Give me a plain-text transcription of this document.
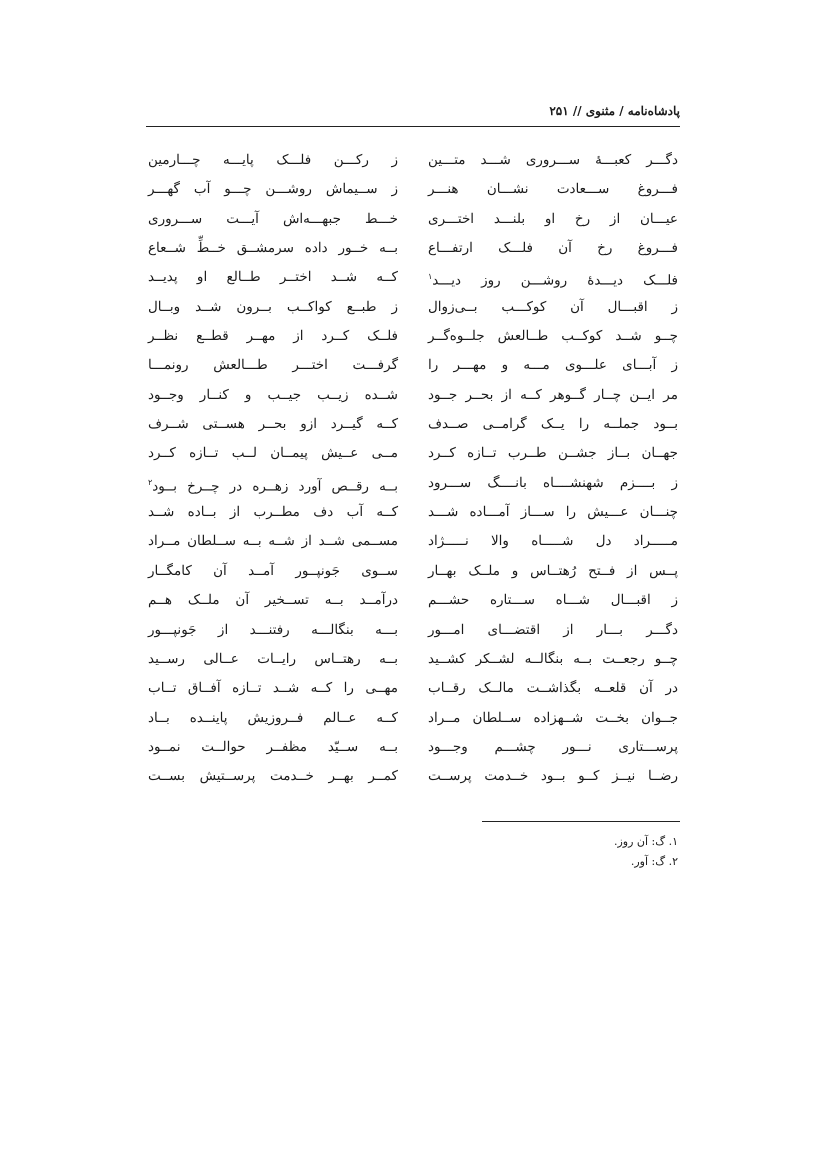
پادشاه‌نامه / مثنوی // ۲۵۱
دگـــر کعبـــۀ ســـروری شـــد متـــین
فـــروغ ســـعادت نشـــان هنـــر
عیـــان از رخ او بلنـــد اختـــری
فـــروغ رخ آن فلـــک ارتفـــاع
فلـــک دیـــدۀ روشـــن روز دیـــد$^۱$
ز اقبـــال آن کوکـــب بــی‌زوال
چــو شــد کوکــب طــالعش جلــوه‌گــر
ز آبـــای علـــوی مـــه و مهـــر را
مر ایــن چــار گــوهر کــه از بحــر جــود
بــود جملــه را یــک گرامــی صــدف
جهــان بــاز جشــن طــرب تــازه کــرد
ز بــــزم شهنشــــاه بانــــگ ســـرود
چنـــان عـــیش را ســـاز آمـــاده شـــد
مـــــراد دل شـــــاه والا نـــــژاد
پــس از فــتح رُهتــاس و ملــک بهــار
ز اقبـــال شـــاه ســـتاره حشـــم
دگـــر بـــار از اقتضـــای امـــور
چــو رجعــت بــه بنگالــه لشــکر کشــید
در آن قلعــه بگذاشــت مالــک رقــاب
جــوان بخــت شــهزاده ســلطان مــراد
پرســـتاری نـــور چشـــم وجـــود
رضــا نیــز کــو بــود خــدمت پرســت
ز رکـــن فلـــک پایـــه چـــارمین
ز ســیماش روشـــن چـــو آب گهـــر
خـــط جبهـــه‌اش آیـــت ســـروری
بــه خــور داده سرمشــق خــطِّ شــعاع
کــه شــد اختــر طــالع او پدیــد
ز طبــع کواکــب بــرون شــد وبــال
فلــک کــرد از مهــر قطــع نظــر
گرفـــت اختـــر طـــالعش رونمـــا
شــده زیــب جیــب و کنــار وجــود
کــه گیــرد ازو بحــر هســتی شــرف
مــی عــیش پیمــان لــب تــازه کــرد
بــه رقــص آورد زهــره در چــرخ بــود$^۲$
کــه آب دف مطــرب از بــاده شــد
مســمی شــد از شــه بــه ســلطان مــراد
ســوی جَونپــور آمــد آن کامگــار
درآمــد بــه تســخیر آن ملــک هــم
بـــه بنگالـــه رفتنـــد از جَونپـــور
بــه رهتــاس رایــات عــالی رســید
مهــی را کــه شــد تــازه آفــاق تــاب
کــه عــالم فــروزیش پاینــده بــاد
بــه ســیّد مظفــر حوالــت نمــود
کمــر بهــر خــدمت پرســتیش بســت
۱. گ: آن روز.
۲. گ: آور.
